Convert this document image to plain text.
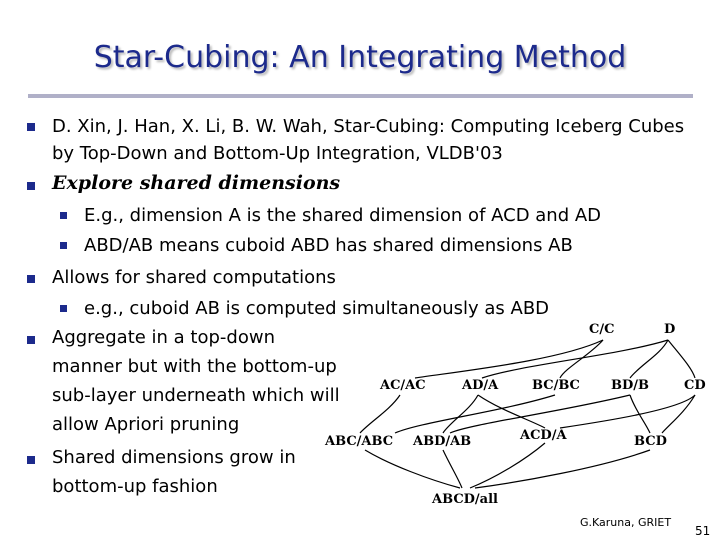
Star-Cubing: An Integrating Method
D. Xin, J. Han, X. Li, B. W. Wah, Star-Cubing: Computing Iceberg Cubes
by Top-Down and Bottom-Up Integration, VLDB'03
Explore shared dimensions
E.g., dimension A is the shared dimension of ACD and AD
ABD/AB means cuboid ABD has shared dimensions AB
Allows for shared computations
e.g., cuboid AB is computed simultaneously as ABD
Aggregate in a top-down
manner but with the bottom-up
sub-layer underneath which will
allow Apriori pruning
Shared dimensions grow in
bottom-up fashion
C/C	D
AC/AC	AD/A	BC/BC BD/B	CD
ABC/ABC ABD/AB	ACD/A	BCD
ABCD/all
G.Karuna, GRIET
51
